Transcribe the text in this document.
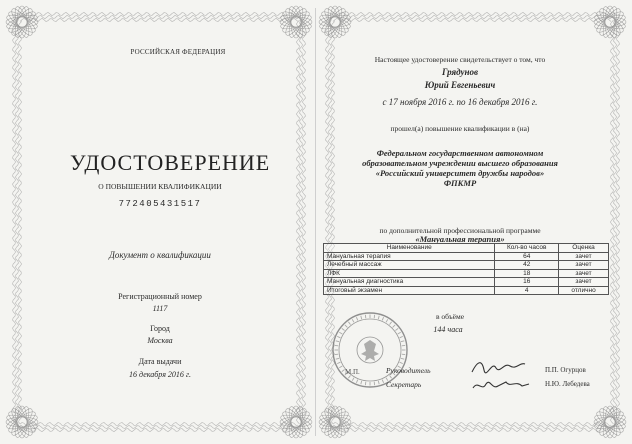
РОССИЙСКАЯ ФЕДЕРАЦИЯ
УДОСТОВЕРЕНИЕ
О ПОВЫШЕНИИ КВАЛИФИКАЦИИ
772405431517
Документ о квалификации
Регистрационный номер
1117
Город
Москва
Дата выдачи
16 декабря 2016 г.
Настоящее удостоверение свидетельствует о том, что
Грядунов
Юрий Евгеньевич
с 17 ноября 2016 г. по 16 декабря 2016 г.
прошел(а) повышение квалификации в (на)
Федеральном государственном автономном
образовательном учреждении высшего образования
«Российский университет дружбы народов»
ФПКМР
по дополнительной профессиональной программе
«Мануальная терапия»
Наименование	Кол-во часов	Оценка
Мануальная терапия	64	зачет
Лечебный массаж	42	зачет
ЛФК	18	зачет
Мануальная диагностика	16	зачет
Итоговый экзамен	4	отлично
в объёме
144 часа
М.П.	Руководитель	П.П. Огурцов
Секретарь	Н.Ю. Лебедева
